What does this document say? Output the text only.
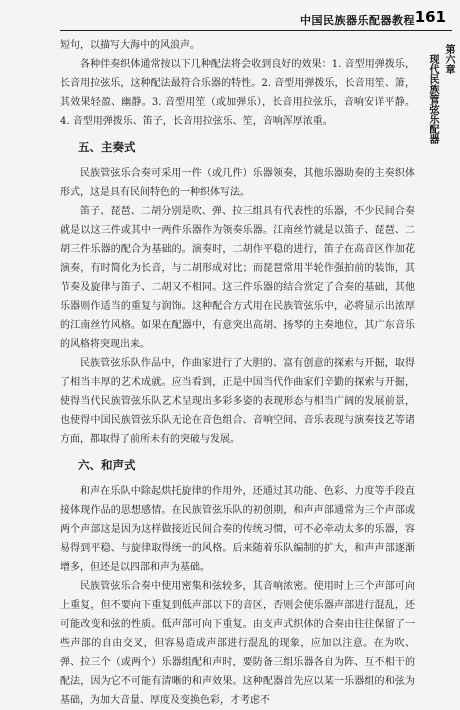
中国民族器乐配器教程 161
第六章
现代民族管弦乐配器

短句，以描写大海中的风浪声。

各种伴奏织体通常按以下几种配法将会收到良好的效果：1. 音型用弹拨乐，长音用拉弦乐，这种配法最符合乐器的特性。2. 音型用弹拨乐，长音用笙、箫，其效果轻盈、幽静。3. 音型用笙（或加弹乐），长音用拉弦乐，音响安详平静。4. 音型用弹拨乐、笛子，长音用拉弦乐、笙，音响浑厚浓重。

五、主奏式

民族管弦乐合奏可采用一件（或几件）乐器领奏，其他乐器助奏的主奏织体形式，这是具有民间特色的一种织体写法。

笛子、琵琶、二胡分别是吹、弹、拉三组具有代表性的乐器，不少民间合奏就是以这三件或其中一两件乐器作为领奏乐器。江南丝竹就是以笛子、琵琶、二胡三件乐器的配合为基础的。演奏时，二胡作平稳的进行，笛子在高音区作加花演奏，有时简化为长音，与二胡形成对比；而琵琶常用半轮作强拍前的装饰，其节奏及旋律与笛子、二胡又不相同。这三件乐器的结合赏定了合奏的基础，其他乐器则作适当的重复与润饰。这种配合方式用在民族管弦乐中，必将显示出浓厚的江南丝竹风格。如果在配器中，有意突出高胡、扬琴的主奏地位，其广东音乐的风格将突现出来。

民族管弦乐队作品中，作曲家进行了大胆的、富有创意的探索与开掘，取得了相当丰厚的艺术成就。应当看到，正是中国当代作曲家们辛勤的探索与开掘，使得当代民族管弦乐队艺术呈现出多彩多姿的表现形态与相当广阔的发展前景，也使得中国民族管弦乐队无论在音色组合、音响空间、音乐表现与演奏技艺等诸方面，都取得了前所未有的突破与发展。

六、和声式

和声在乐队中除起烘托旋律的作用外，还通过其功能、色彩、力度等手段直接体现作品的思想感情。在民族管弦乐队的初创期，和声声部通常为三个声部或两个声部这是因为这样做接近民间合奏的传统习惯，可不必牵动太多的乐器，容易得到平稳、与旋律取得统一的风格。后来随着乐队编制的扩大，和声声部逐渐增多，但还是以四部和声为基础。

民族管弦乐合奏中使用密集和弦较多，其音响浓密。使用时上三个声部可向上重复，但不要向下重复到低声部以下的音区，否则会使乐器声部进行混乱，还可能改变和弦的性质。低声部可向下重复。由支声式织体的合奏由往往保留了一些声部的自由交叉，但容易造成声部进行混乱的现象，应加以注意。在为吹、弹、拉三个（或两个）乐器组配和声时，要防备三组乐器各自为阵、互不相干的配法，因为它不可能有清晰的和声效果。这种配器首先应以某一乐器组的和弦为基础，为加大音量、厚度及变换色彩，才考虑不
